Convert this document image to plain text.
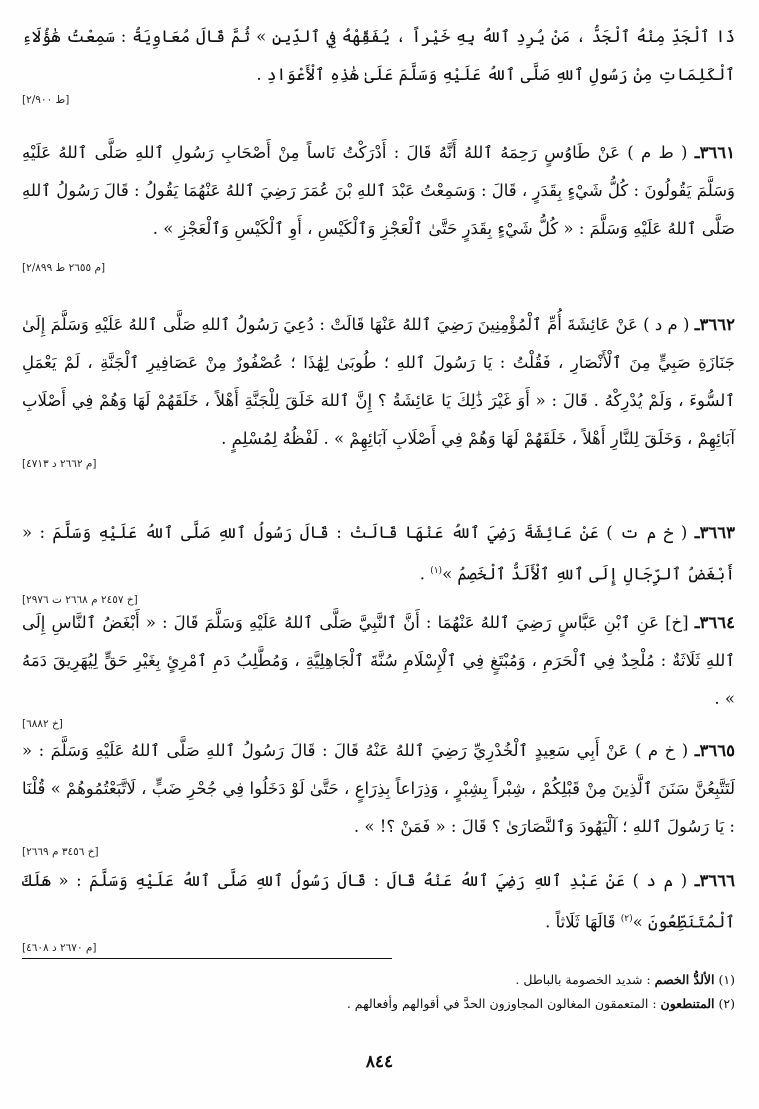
ذَا ٱلْجَدِّ مِنْهُ ٱلْجَدُّ ، مَنْ يُرِدِ ٱللهُ بِهِ خَيْراً ، يُفَقِّهْهُ فِي ٱلدِّينِ » ثُمَّ قَالَ مُعَاوِيَةُ : سَمِعْتُ هَٰؤُلَاءِ ٱلْكَلِمَاتِ مِنْ رَسُولِ ٱللهِ صَلَّى ٱللهُ عَلَيْهِ وَسَلَّمَ عَلَىٰ هَٰذِهِ ٱلْأَعْوَادِ .
[ط ٢/٩٠٠]
٣٦٦١ـ ( ط م ) عَنْ طَاوُسٍ رَحِمَهُ ٱللهُ أَنَّهُ قَالَ : أَدْرَكْتُ نَاساً مِنْ أَصْحَابِ رَسُولِ ٱللهِ صَلَّى ٱللهُ عَلَيْهِ وَسَلَّمَ يَقُولُونَ : كُلُّ شَيْءٍ بِقَدَرٍ ، قَالَ : وَسَمِعْتُ عَبْدَ ٱللهِ بْنَ عُمَرَ رَضِيَ ٱللهُ عَنْهُمَا يَقُولُ : قَالَ رَسُولُ ٱللهِ صَلَّى ٱللهُ عَلَيْهِ وَسَلَّمَ : « كُلُّ شَيْءٍ بِقَدَرٍ حَتَّىٰ ٱلْعَجْزِ وَٱلْكَيْسِ ، أَوِ ٱلْكَيْسِ وَٱلْعَجْزِ » .
[م ٢٦٥٥ ط ٢/٨٩٩]
٣٦٦٢ـ ( م د ) عَنْ عَائِشَةَ أُمِّ ٱلْمُؤْمِنِينَ رَضِيَ ٱللهُ عَنْهَا قَالَتْ : دُعِيَ رَسُولُ ٱللهِ صَلَّى ٱللهُ عَلَيْهِ وَسَلَّمَ إِلَىٰ جَنَازَةِ صَبِيٍّ مِنَ ٱلْأَنْصَارِ ، فَقُلْتُ : يَا رَسُولَ ٱللهِ ؛ طُوبَىٰ لِهَٰذَا ؛ عُصْفُورٌ مِنْ عَصَافِيرِ ٱلْجَنَّةِ ، لَمْ يَعْمَلِ ٱلسُّوءَ ، وَلَمْ يُدْرِكْهُ . قَالَ : « أَوَ غَيْرَ ذَٰلِكَ يَا عَائِشَةُ ؟ إِنَّ ٱللهَ خَلَقَ لِلْجَنَّةِ أَهْلاً ، خَلَقَهُمْ لَهَا وَهُمْ فِي أَصْلَابِ آبَائِهِمْ ، وَخَلَقَ لِلنَّارِ أَهْلاً ، خَلَقَهُمْ لَهَا وَهُمْ فِي أَصْلَابِ آبَائِهِمْ » . لَفْظُهُ لِمُسْلِمٍ .
[م ٢٦٦٢ د ٤٧١٣]
٣٦٦٣ـ ( خ م ت ) عَنْ عَائِشَةَ رَضِيَ ٱللهُ عَنْهَا قَالَتْ : قَالَ رَسُولُ ٱللهِ صَلَّى ٱللهُ عَلَيْهِ وَسَلَّمَ : « أَبْغَضُ ٱلرِّجَالِ إِلَى ٱللهِ ٱلْأَلَدُّ ٱلْخَصِمُ »$^{(١)}$ .
[خ ٢٤٥٧ م ٢٦٦٨ ت ٢٩٧٦]
٣٦٦٤ـ [خ] عَنِ ٱبْنِ عَبَّاسٍ رَضِيَ ٱللهُ عَنْهُمَا : أَنَّ ٱلنَّبِيَّ صَلَّى ٱللهُ عَلَيْهِ وَسَلَّمَ قَالَ : « أَبْغَضُ ٱلنَّاسِ إِلَى ٱللهِ ثَلَاثَةٌ : مُلْحِدٌ فِي ٱلْحَرَمِ ، وَمُبْتَغٍ فِي ٱلْإِسْلَامِ سُنَّةَ ٱلْجَاهِلِيَّةِ ، وَمُطَّلِبُ دَمِ ٱمْرِئٍ بِغَيْرِ حَقٍّ لِيُهَرِيقَ دَمَهُ » .
[خ ٦٨٨٢]
٣٦٦٥ـ ( خ م ) عَنْ أَبِي سَعِيدٍ ٱلْخُدْرِيِّ رَضِيَ ٱللهُ عَنْهُ قَالَ : قَالَ رَسُولُ ٱللهِ صَلَّى ٱللهُ عَلَيْهِ وَسَلَّمَ : « لَتَتَّبِعُنَّ سَنَنَ ٱلَّذِينَ مِنْ قَبْلِكُمْ ، شِبْراً بِشِبْرٍ ، وَذِرَاعاً بِذِرَاعٍ ، حَتَّىٰ لَوْ دَخَلُوا فِي جُحْرِ ضَبٍّ ، لَاتَّبَعْتُمُوهُمْ » قُلْنَا : يَا رَسُولَ ٱللهِ ؛ آلْيَهُودَ وَٱلنَّصَارَىٰ ؟ قَالَ : « فَمَنْ ؟! » .
[خ ٣٤٥٦ م ٢٦٦٩]
٣٦٦٦ـ ( م د ) عَنْ عَبْدِ ٱللهِ رَضِيَ ٱللهُ عَنْهُ قَالَ : قَالَ رَسُولُ ٱللهِ صَلَّى ٱللهُ عَلَيْهِ وَسَلَّمَ : « هَلَكَ ٱلْمُتَنَطِّعُونَ »$^{(٢)}$ قَالَهَا ثَلَاثاً .
[م ٢٦٧٠ د ٤٦٠٨]
(١) الألدُّ الخصم : شديد الخصومة بالباطل .
(٢) المتنطعون : المتعمقون المغالون المجاوزون الحدَّ في أقوالهم وأفعالهم .
٨٤٤
